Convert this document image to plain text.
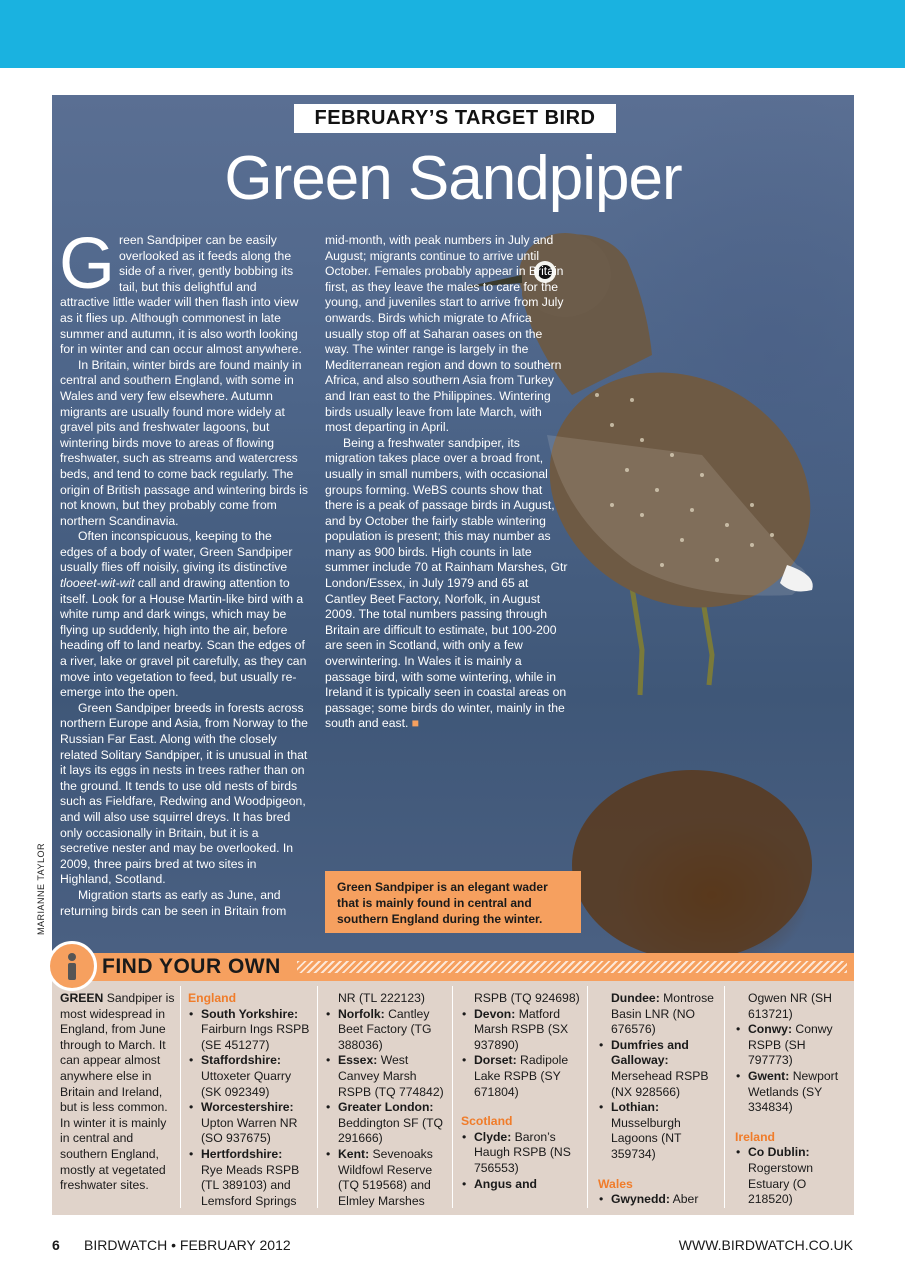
FEBRUARY’S TARGET BIRD
Green Sandpiper

Green Sandpiper can be easily overlooked as it feeds along the side of a river, gently bobbing its tail, but this delightful and attractive little wader will then flash into view as it flies up. Although commonest in late summer and autumn, it is also worth looking for in winter and can occur almost anywhere.

In Britain, winter birds are found mainly in central and southern England, with some in Wales and very few elsewhere. Autumn migrants are usually found more widely at gravel pits and freshwater lagoons, but wintering birds move to areas of flowing freshwater, such as streams and watercress beds, and tend to come back regularly. The origin of British passage and wintering birds is not known, but they probably come from northern Scandinavia.

Often inconspicuous, keeping to the edges of a body of water, Green Sandpiper usually flies off noisily, giving its distinctive tlooeet-wit-wit call and drawing attention to itself. Look for a House Martin-like bird with a white rump and dark wings, which may be flying up suddenly, high into the air, before heading off to land nearby. Scan the edges of a river, lake or gravel pit carefully, as they can move into vegetation to feed, but usually re-emerge into the open.

Green Sandpiper breeds in forests across northern Europe and Asia, from Norway to the Russian Far East. Along with the closely related Solitary Sandpiper, it is unusual in that it lays its eggs in nests in trees rather than on the ground. It tends to use old nests of birds such as Fieldfare, Redwing and Woodpigeon, and will also use squirrel dreys. It has bred only occasionally in Britain, but it is a secretive nester and may be overlooked. In 2009, three pairs bred at two sites in Highland, Scotland.

Migration starts as early as June, and returning birds can be seen in Britain from

mid-month, with peak numbers in July and August; migrants continue to arrive until October. Females probably appear in Britain first, as they leave the males to care for the young, and juveniles start to arrive from July onwards. Birds which migrate to Africa usually stop off at Saharan oases on the way. The winter range is largely in the Mediterranean region and down to southern Africa, and also southern Asia from Turkey and Iran east to the Philippines. Wintering birds usually leave from late March, with most departing in April.

Being a freshwater sandpiper, its migration takes place over a broad front, usually in small numbers, with occasional groups forming. WeBS counts show that there is a peak of passage birds in August, and by October the fairly stable wintering population is present; this may number as many as 900 birds. High counts in late summer include 70 at Rainham Marshes, Gtr London/Essex, in July 1979 and 65 at Cantley Beet Factory, Norfolk, in August 2009. The total numbers passing through Britain are difficult to estimate, but 100-200 are seen in Scotland, with only a few overwintering. In Wales it is mainly a passage bird, with some wintering, while in Ireland it is typically seen in coastal areas on passage; some birds do winter, mainly in the south and east. ■

Green Sandpiper is an elegant wader that is mainly found in central and southern England during the winter.
MARIANNE TAYLOR
FIND YOUR OWN
GREEN Sandpiper is most widespread in England, from June through to March. It can appear almost anywhere else in Britain and Ireland, but is less common. In winter it is mainly in central and southern England, mostly at vegetated freshwater sites.
England
• South Yorkshire:
Fairburn Ings RSPB (SE 451277)
• Staffordshire:
Uttoxeter Quarry (SK 092349)
• Worcestershire:
Upton Warren NR (SO 937675)
• Hertfordshire:
Rye Meads RSPB (TL 389103) and Lemsford Springs
NR (TL 222123)
• Norfolk: Cantley Beet Factory (TG 388036)
• Essex: West Canvey Marsh RSPB (TQ 774842)
• Greater London: Beddington SF (TQ 291666)
• Kent: Sevenoaks Wildfowl Reserve (TQ 519568) and Elmley Marshes
RSPB (TQ 924698)
• Devon: Matford Marsh RSPB (SX 937890)
• Dorset: Radipole Lake RSPB (SY 671804)
Scotland
• Clyde: Baron’s Haugh RSPB (NS 756553)
• Angus and
Dundee: Montrose Basin LNR (NO 676576)
• Dumfries and Galloway: Mersehead RSPB (NX 928566)
• Lothian: Musselburgh Lagoons (NT 359734)
Wales
• Gwynedd: Aber
Ogwen NR (SH 613721)
• Conwy: Conwy RSPB (SH 797773)
• Gwent: Newport Wetlands (SY 334834)
Ireland
• Co Dublin: Rogerstown Estuary (O 218520)
6 BIRDWATCH • FEBRUARY 2012	WWW.BIRDWATCH.CO.UK
